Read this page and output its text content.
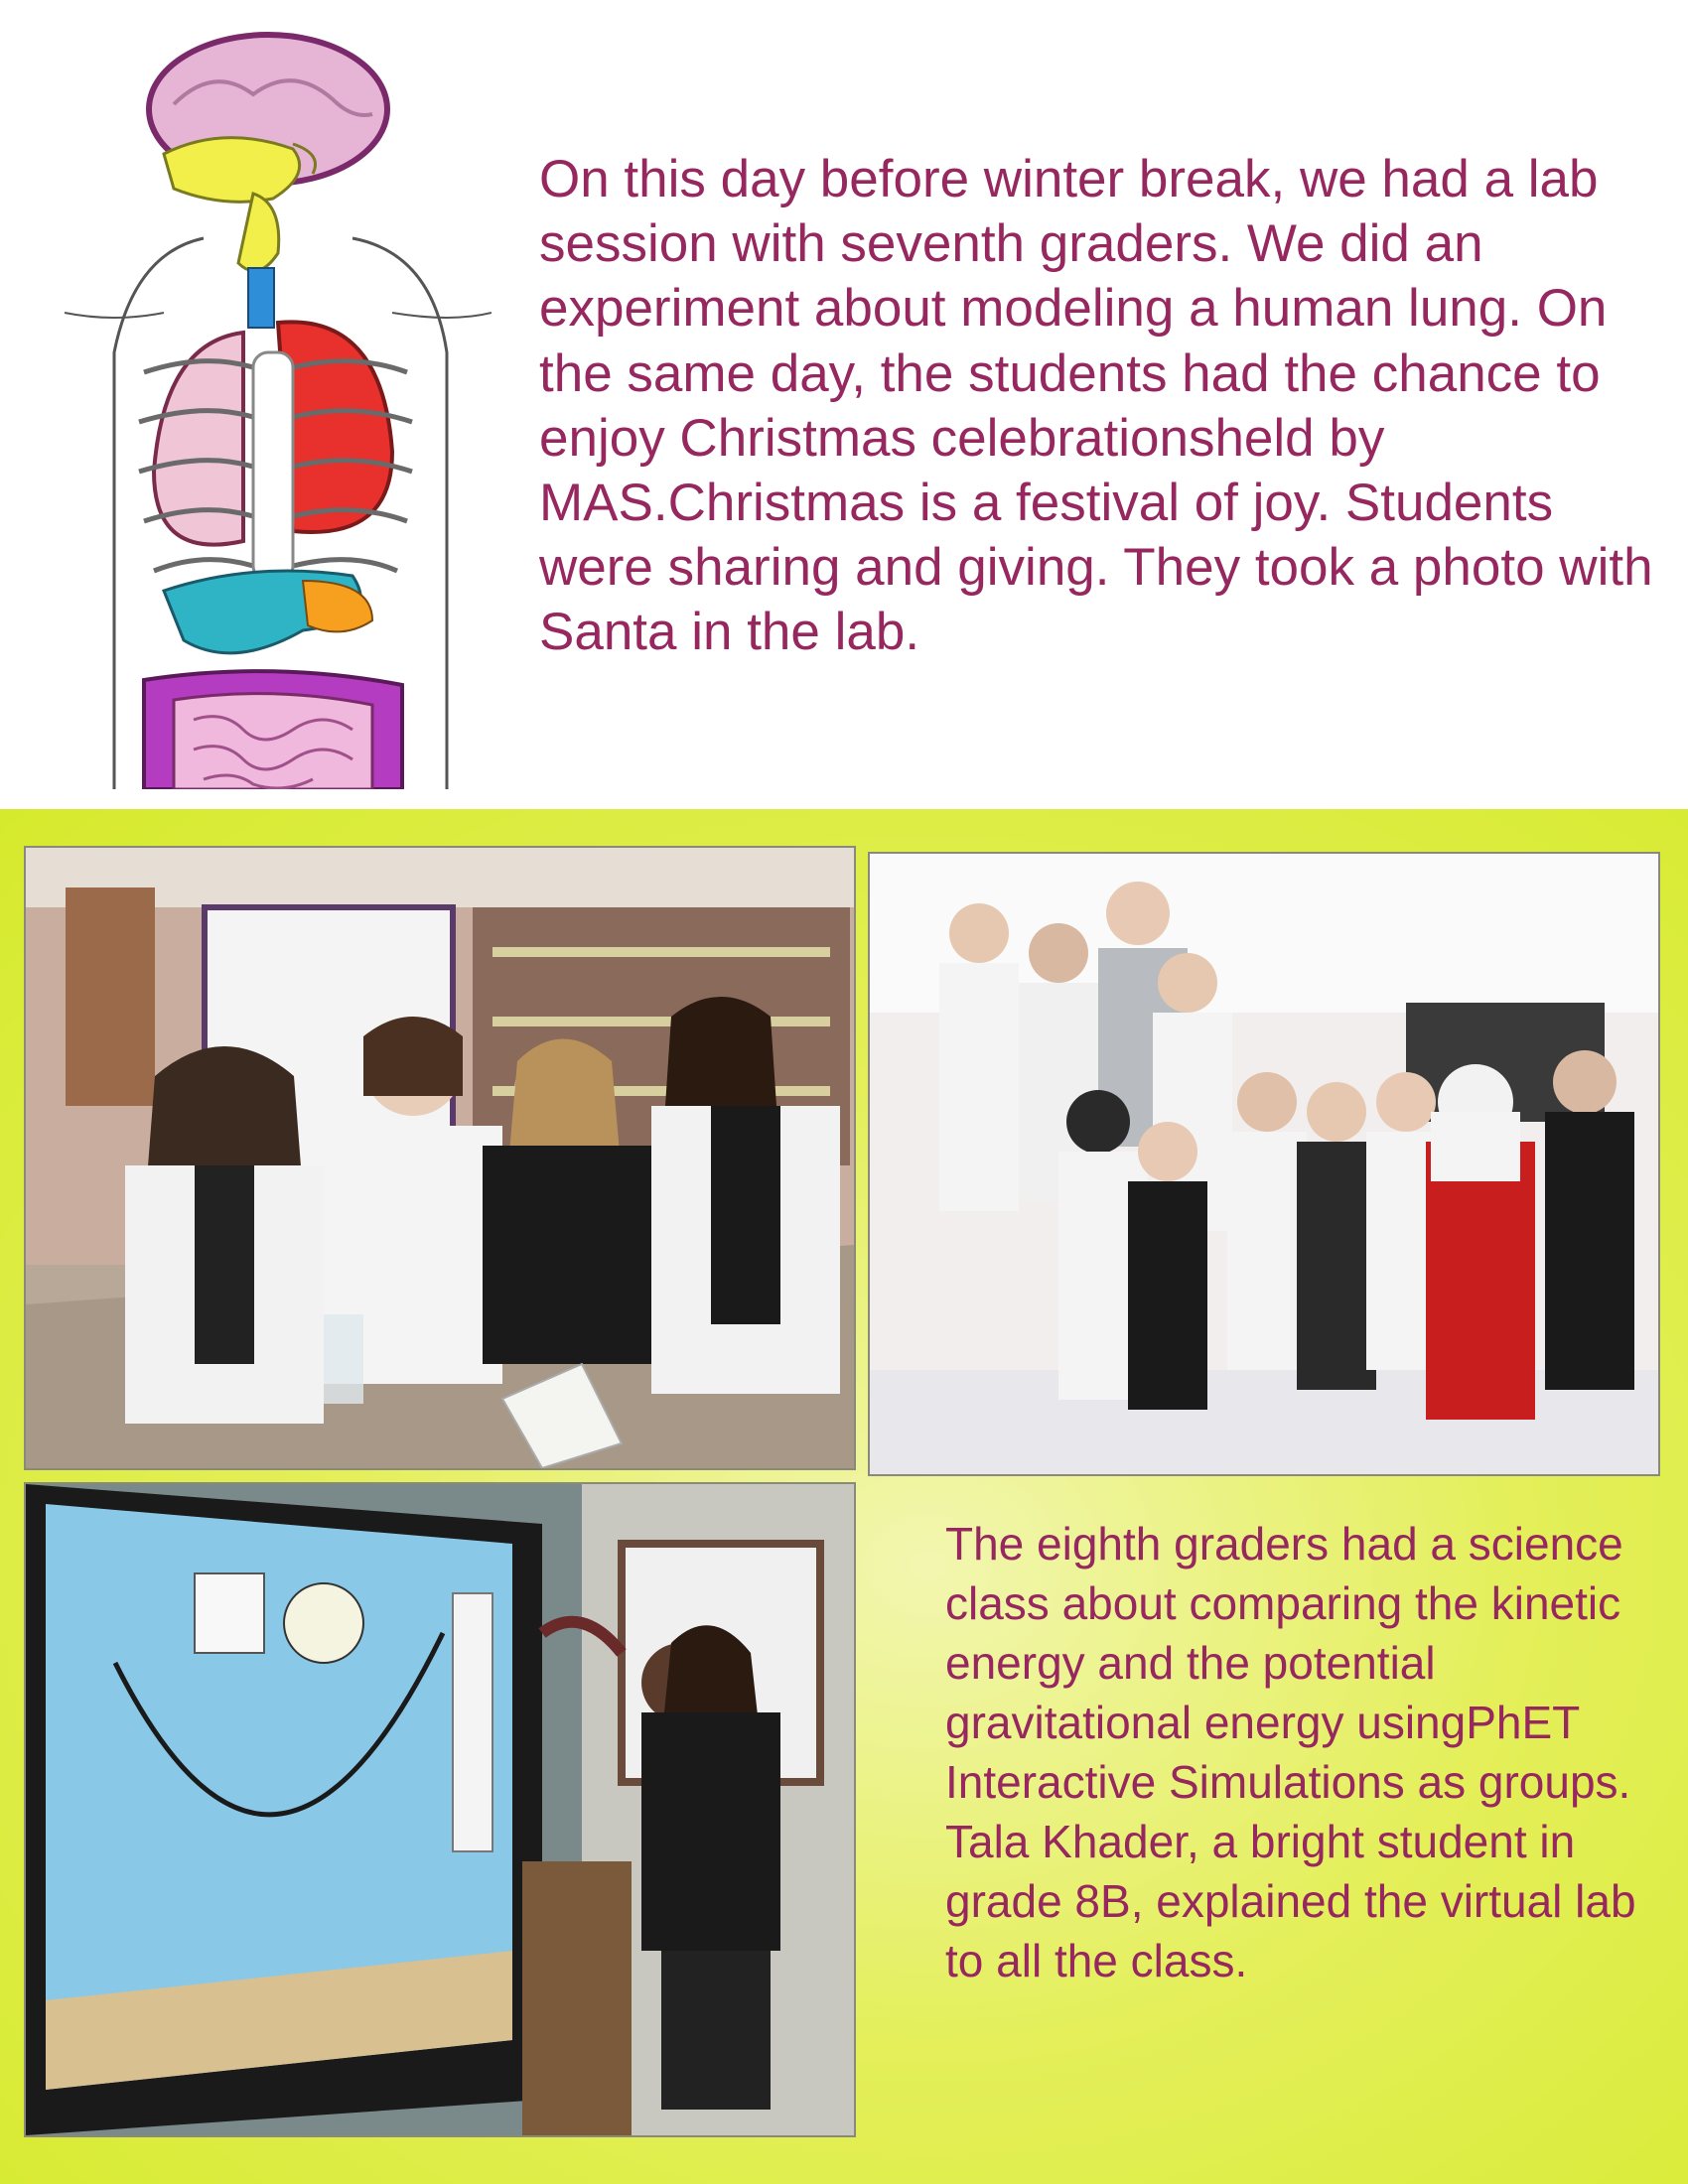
On this day before winter break, we had a lab session with seventh graders. We did an experiment about modeling a human lung. On the same day, the students had the chance to enjoy Christmas celebrationsheld by MAS.Christmas is a festival of joy. Students were sharing and giving. They took a photo with Santa in the lab.

The eighth graders had a science class about comparing the kinetic energy and the potential gravitational energy usingPhET Interactive Simulations as groups. Tala Khader, a bright student in grade 8B, explained the virtual lab to all the class.
